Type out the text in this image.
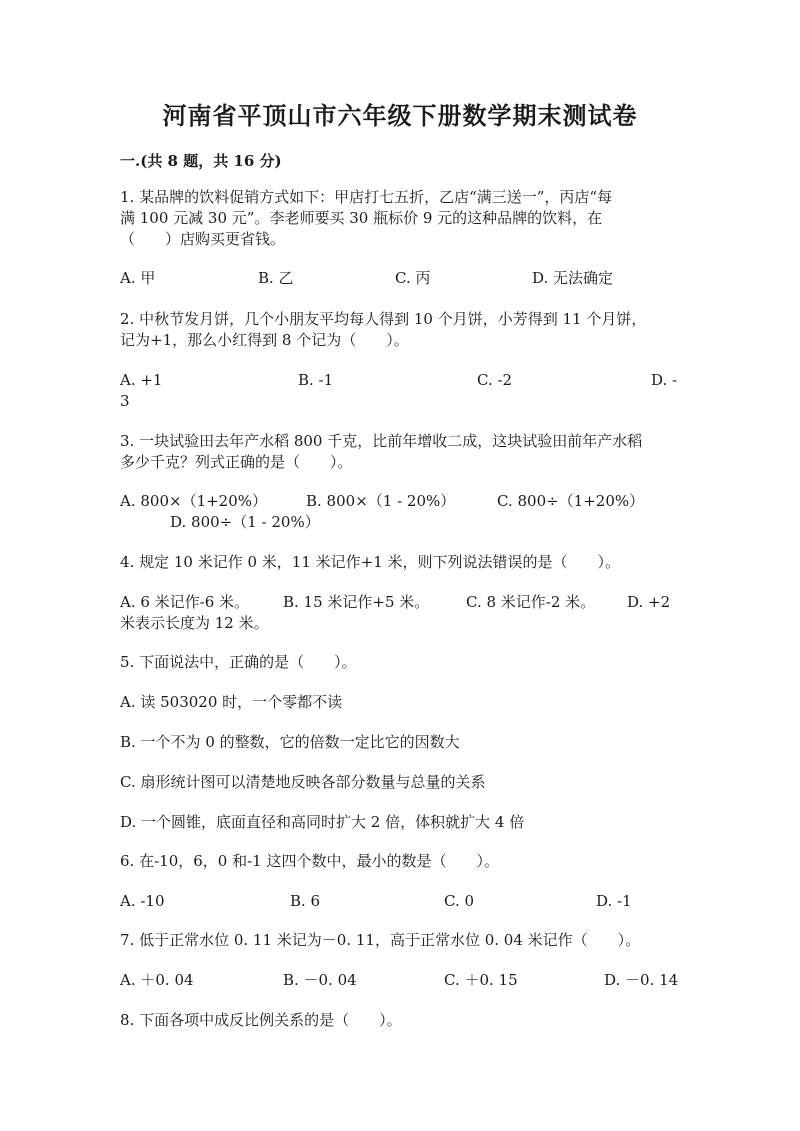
河南省平顶山市六年级下册数学期末测试卷
一.(共 8 题，共 16 分)
1. 某品牌的饮料促销方式如下：甲店打七五折，乙店“满三送一”，丙店“每
满 100 元减 30 元”。李老师要买 30 瓶标价 9 元的这种品牌的饮料，在
（　　）店购买更省钱。
A. 甲	B. 乙	C. 丙	D. 无法确定
2. 中秋节发月饼，几个小朋友平均每人得到 10 个月饼，小芳得到 11 个月饼，
记为+1，那么小红得到 8 个记为（　　）。
A. +1	B. -1	C. -2	D. -
3
3. 一块试验田去年产水稻 800 千克，比前年增收二成，这块试验田前年产水稻
多少千克？列式正确的是（　　）。
A. 800×（1+20%）	B. 800×（1 - 20%）	C. 800÷（1+20%）
D. 800÷（1 - 20%）
4. 规定 10 米记作 0 米，11 米记作+1 米，则下列说法错误的是（　　）。
A. 6 米记作-6 米。 B. 15 米记作+5 米。 C. 8 米记作-2 米。 D. +2
米表示长度为 12 米。
5. 下面说法中，正确的是（　　）。
A. 读 503020 时，一个零都不读
B. 一个不为 0 的整数，它的倍数一定比它的因数大
C. 扇形统计图可以清楚地反映各部分数量与总量的关系
D. 一个圆锥，底面直径和高同时扩大 2 倍，体积就扩大 4 倍
6. 在-10，6，0 和-1 这四个数中，最小的数是（　　）。
A. -10	B. 6	C. 0	D. -1
7. 低于正常水位 0. 11 米记为－0. 11，高于正常水位 0. 04 米记作（　　）。
A. ＋0. 04	B. －0. 04	C. ＋0. 15	D. －0. 14
8. 下面各项中成反比例关系的是（　　）。
